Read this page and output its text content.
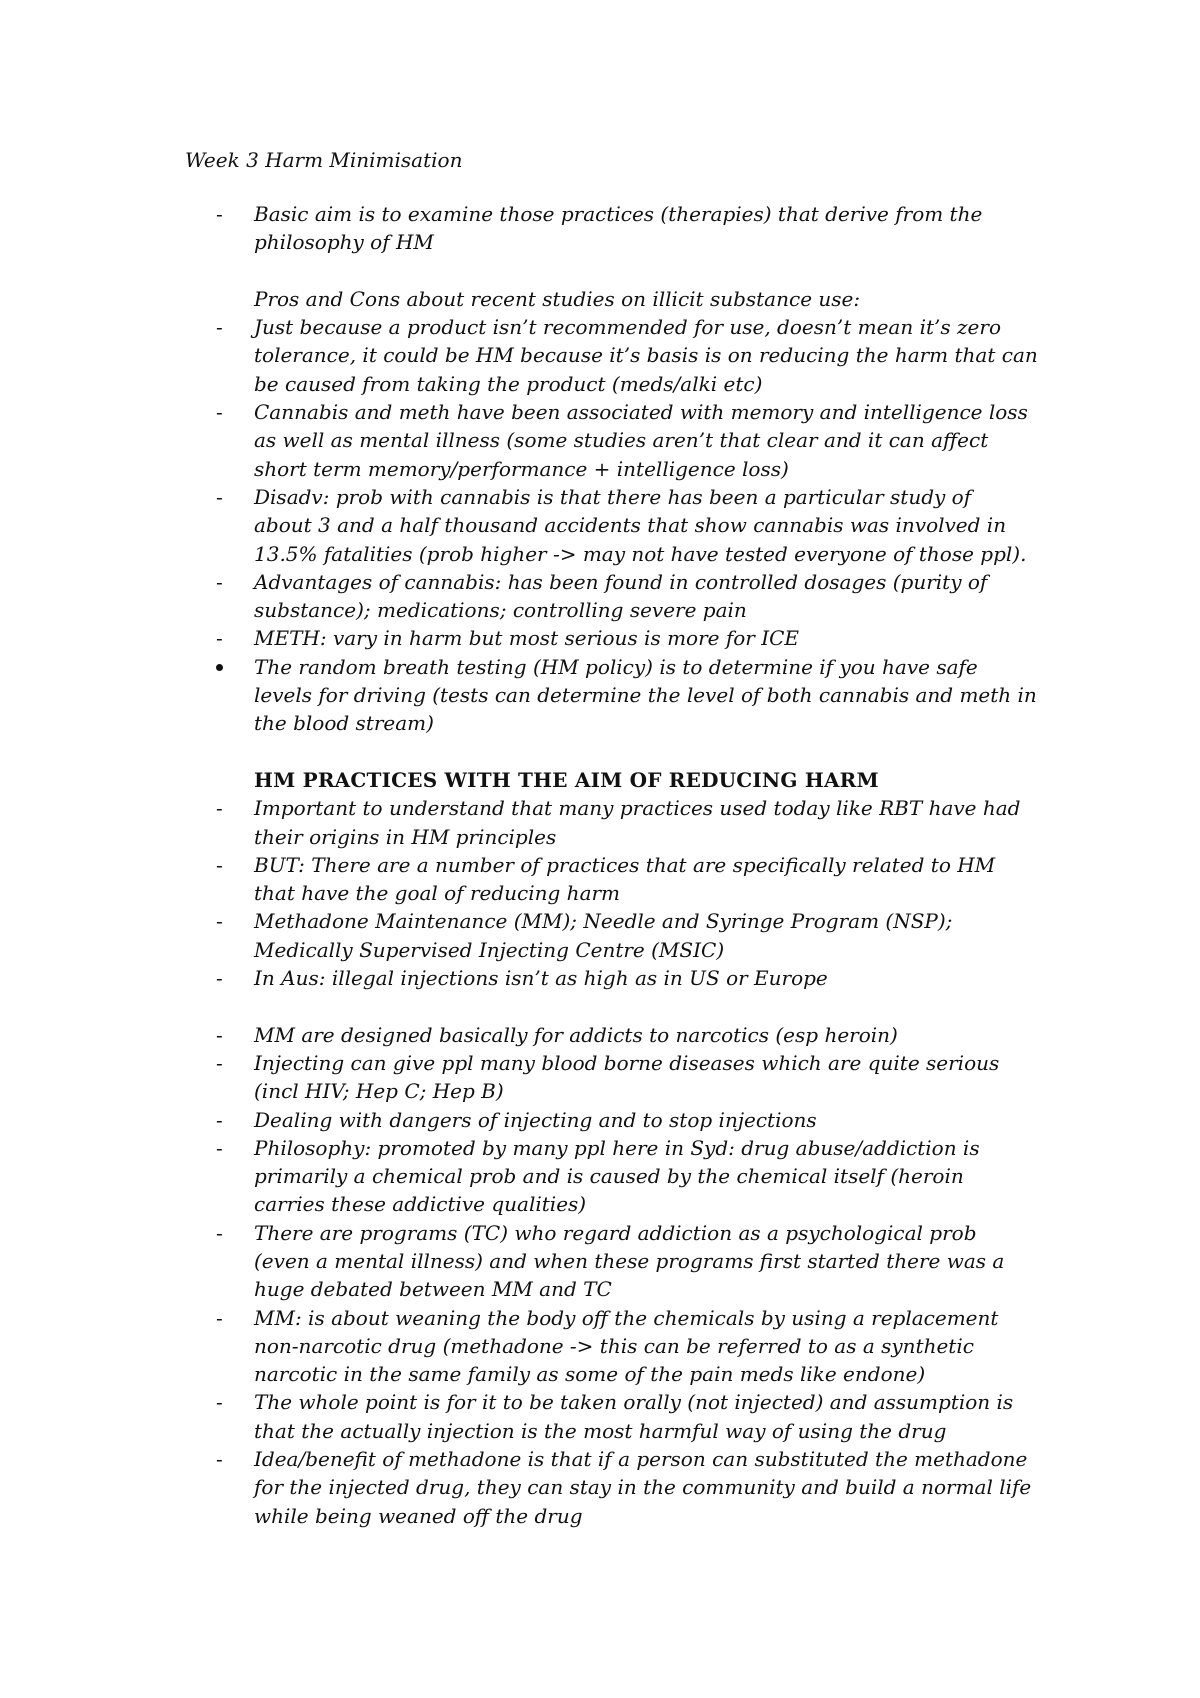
Week 3 Harm Minimisation
-	Basic aim is to examine those practices (therapies) that derive from the
philosophy of HM
Pros and Cons about recent studies on illicit substance use:
-	Just because a product isn’t recommended for use, doesn’t mean it’s zero
tolerance, it could be HM because it’s basis is on reducing the harm that can
be caused from taking the product (meds/alki etc)
-	Cannabis and meth have been associated with memory and intelligence loss
as well as mental illness (some studies aren’t that clear and it can affect
short term memory/performance + intelligence loss)
-	Disadv: prob with cannabis is that there has been a particular study of
about 3 and a half thousand accidents that show cannabis was involved in
13.5% fatalities (prob higher -> may not have tested everyone of those ppl).
-	Advantages of cannabis: has been found in controlled dosages (purity of
substance); medications; controlling severe pain
-	METH: vary in harm but most serious is more for ICE
The random breath testing (HM policy) is to determine if you have safe
levels for driving (tests can determine the level of both cannabis and meth in
the blood stream)
HM PRACTICES WITH THE AIM OF REDUCING HARM
-	Important to understand that many practices used today like RBT have had
their origins in HM principles
-	BUT: There are a number of practices that are specifically related to HM
that have the goal of reducing harm
-	Methadone Maintenance (MM); Needle and Syringe Program (NSP);
Medically Supervised Injecting Centre (MSIC)
-	In Aus: illegal injections isn’t as high as in US or Europe
-	MM are designed basically for addicts to narcotics (esp heroin)
-	Injecting can give ppl many blood borne diseases which are quite serious
(incl HIV; Hep C; Hep B)
-	Dealing with dangers of injecting and to stop injections
-	Philosophy: promoted by many ppl here in Syd: drug abuse/addiction is
primarily a chemical prob and is caused by the chemical itself (heroin
carries these addictive qualities)
-	There are programs (TC) who regard addiction as a psychological prob
(even a mental illness) and when these programs first started there was a
huge debated between MM and TC
-	MM: is about weaning the body off the chemicals by using a replacement
non-narcotic drug (methadone -> this can be referred to as a synthetic
narcotic in the same family as some of the pain meds like endone)
-	The whole point is for it to be taken orally (not injected) and assumption is
that the actually injection is the most harmful way of using the drug
-	Idea/benefit of methadone is that if a person can substituted the methadone
for the injected drug, they can stay in the community and build a normal life
while being weaned off the drug
